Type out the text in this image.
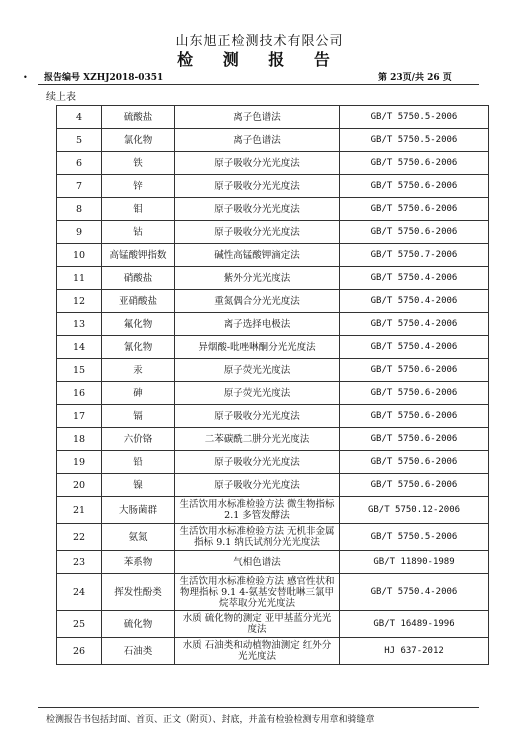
山东旭正检测技术有限公司
检 测 报 告
• 报告编号 XZHJ2018-0351	第 23页/共 26 页
续上表
4	硫酸盐	离子色谱法	GB/T 5750.5-2006
5	氯化物	离子色谱法	GB/T 5750.5-2006
6	铁	原子吸收分光光度法	GB/T 5750.6-2006
7	锌	原子吸收分光光度法	GB/T 5750.6-2006
8	钼	原子吸收分光光度法	GB/T 5750.6-2006
9	钴	原子吸收分光光度法	GB/T 5750.6-2006
10	高锰酸钾指数	碱性高锰酸钾滴定法	GB/T 5750.7-2006
11	硝酸盐	紫外分光光度法	GB/T 5750.4-2006
12	亚硝酸盐	重氮偶合分光光度法	GB/T 5750.4-2006
13	氟化物	离子选择电极法	GB/T 5750.4-2006
14	氰化物	异烟酸-吡唑啉酮分光光度法	GB/T 5750.4-2006
15	汞	原子荧光光度法	GB/T 5750.6-2006
16	砷	原子荧光光度法	GB/T 5750.6-2006
17	镉	原子吸收分光光度法	GB/T 5750.6-2006
18	六价铬	二苯碳酰二肼分光光度法	GB/T 5750.6-2006
19	铅	原子吸收分光光度法	GB/T 5750.6-2006
20	镍	原子吸收分光光度法	GB/T 5750.6-2006
21	大肠菌群	生活饮用水标准检验方法 微生物指标 2.1 多管发酵法	GB/T 5750.12-2006
22	氨氮	生活饮用水标准检验方法 无机非金属指标 9.1 纳氏试剂分光光度法	GB/T 5750.5-2006
23	苯系物	气相色谱法	GB/T 11890-1989
24	挥发性酚类	生活饮用水标准检验方法 感官性状和物理指标 9.1 4-氨基安替吡啉三氯甲烷萃取分光光度法	GB/T 5750.4-2006
25	硫化物	水质 硫化物的测定 亚甲基蓝分光光度法	GB/T 16489-1996
26	石油类	水质 石油类和动植物油测定 红外分光光度法	HJ 637-2012
检测报告书包括封面、首页、正文（附页）、封底，并盖有检验检测专用章和骑缝章
